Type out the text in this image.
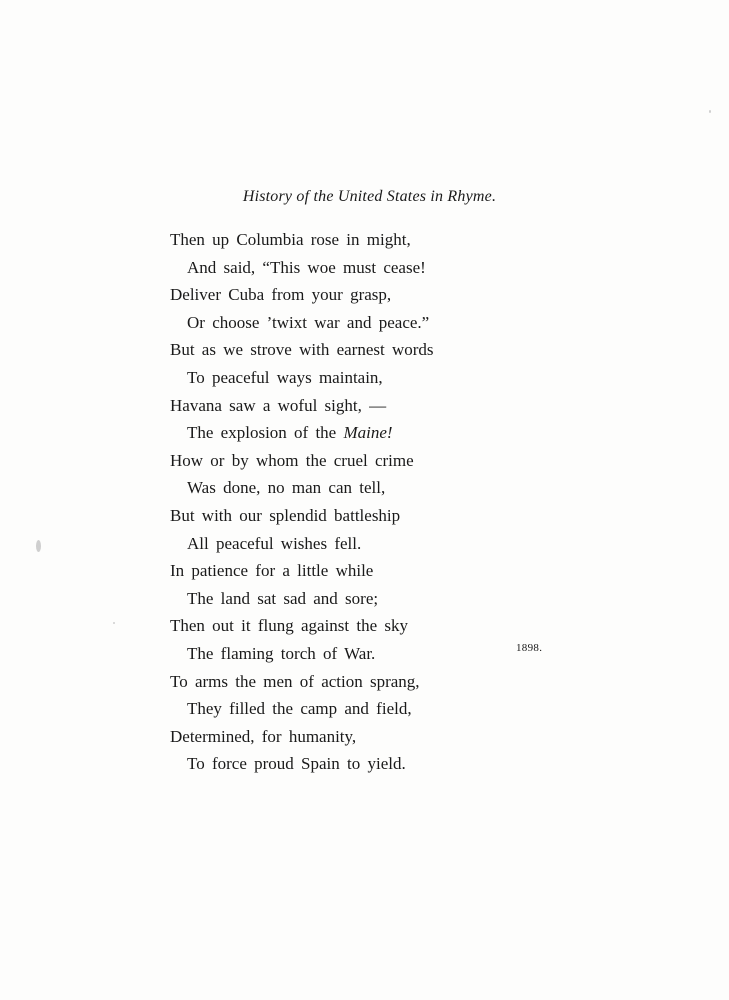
History of the United States in Rhyme.
Then up Columbia rose in might,
And said, “This woe must cease!
Deliver Cuba from your grasp,
Or choose ’twixt war and peace.”
But as we strove with earnest words
To peaceful ways maintain,
Havana saw a woful sight, —
The explosion of the Maine!
How or by whom the cruel crime
Was done, no man can tell,
But with our splendid battleship
All peaceful wishes fell.
In patience for a little while
The land sat sad and sore;
Then out it flung against the sky
The flaming torch of War.
To arms the men of action sprang,
They filled the camp and field,
Determined, for humanity,
To force proud Spain to yield.
1898.
